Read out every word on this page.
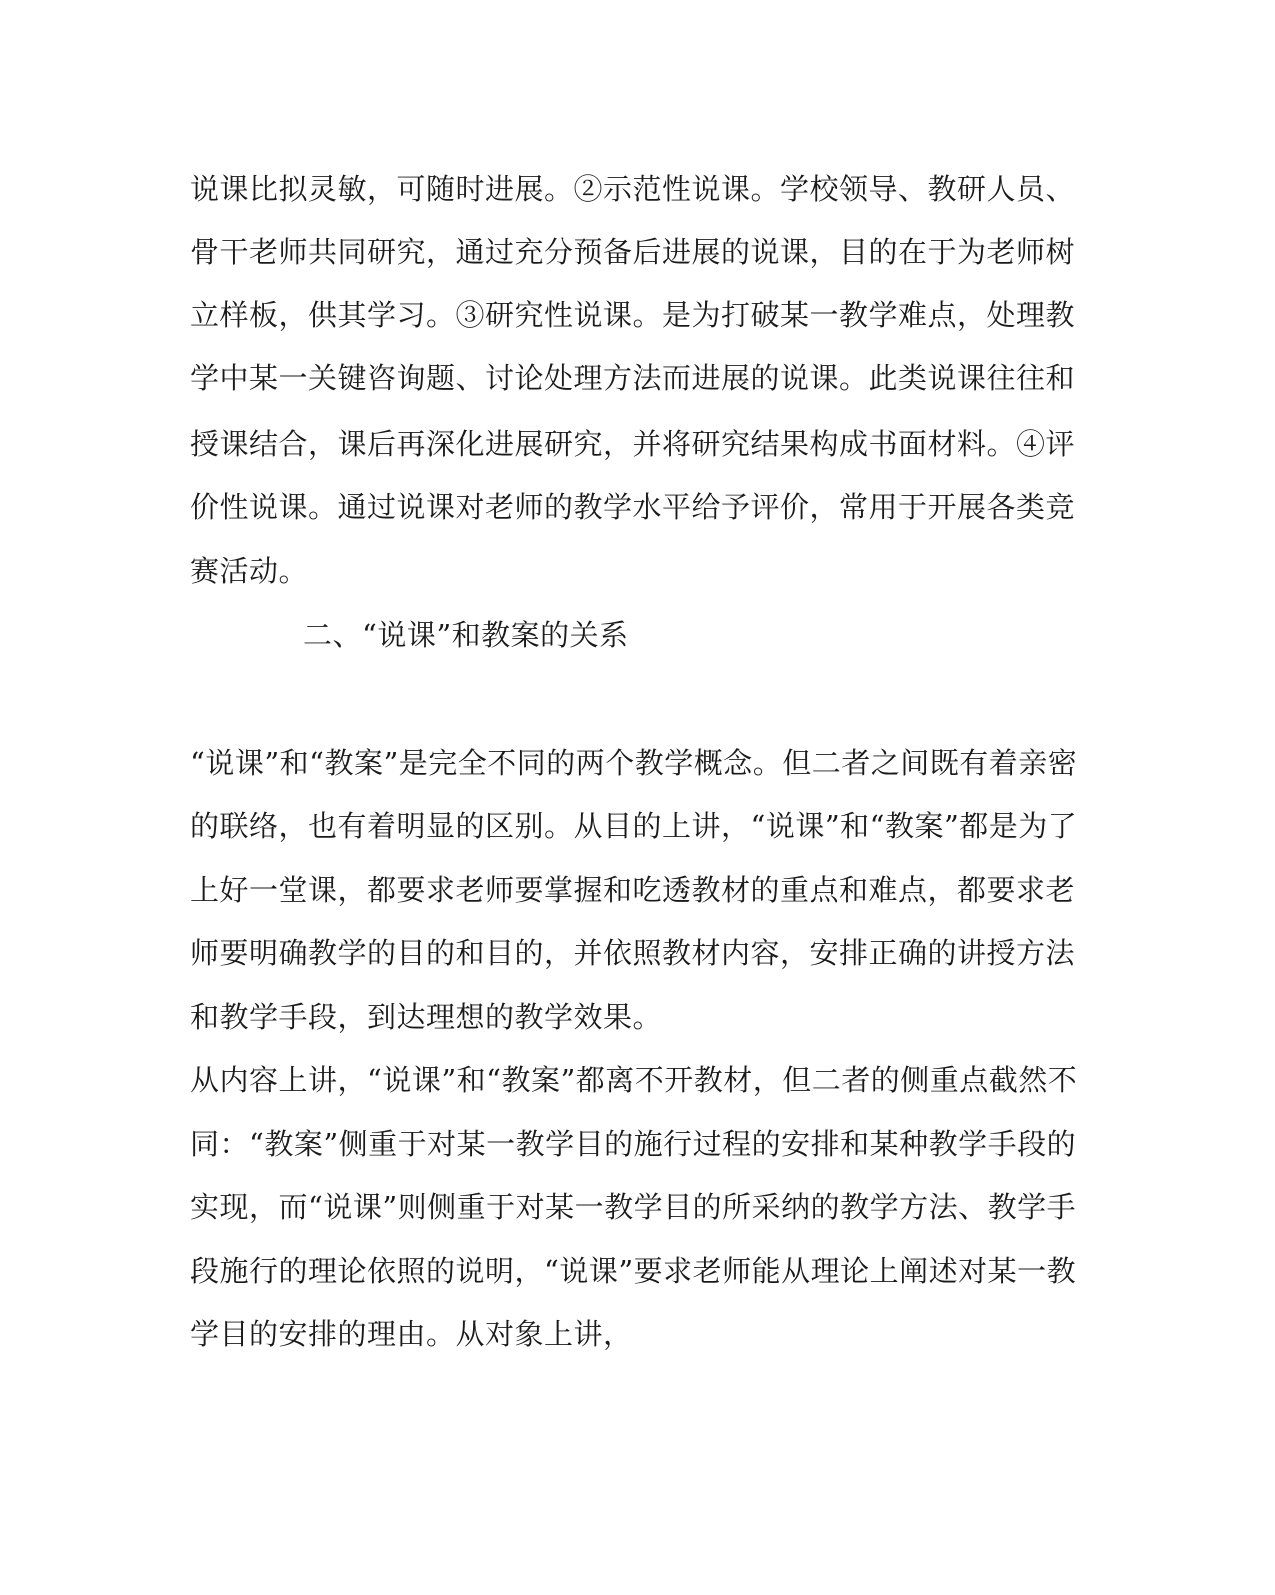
说课比拟灵敏，可随时进展。②示范性说课。学校领导、教研人员、
骨干老师共同研究，通过充分预备后进展的说课，目的在于为老师树
立样板，供其学习。③研究性说课。是为打破某一教学难点，处理教
学中某一关键咨询题、讨论处理方法而进展的说课。此类说课往往和
授课结合，课后再深化进展研究，并将研究结果构成书面材料。④评
价性说课。通过说课对老师的教学水平给予评价，常用于开展各类竞
赛活动。
二、“说课”和教案的关系
“说课”和“教案”是完全不同的两个教学概念。但二者之间既有着亲密
的联络，也有着明显的区别。从目的上讲，“说课”和“教案”都是为了
上好一堂课，都要求老师要掌握和吃透教材的重点和难点，都要求老
师要明确教学的目的和目的，并依照教材内容，安排正确的讲授方法
和教学手段，到达理想的教学效果。
从内容上讲，“说课”和“教案”都离不开教材，但二者的侧重点截然不
同：“教案”侧重于对某一教学目的施行过程的安排和某种教学手段的
实现，而“说课”则侧重于对某一教学目的所采纳的教学方法、教学手
段施行的理论依照的说明，“说课”要求老师能从理论上阐述对某一教
学目的安排的理由。从对象上讲，
